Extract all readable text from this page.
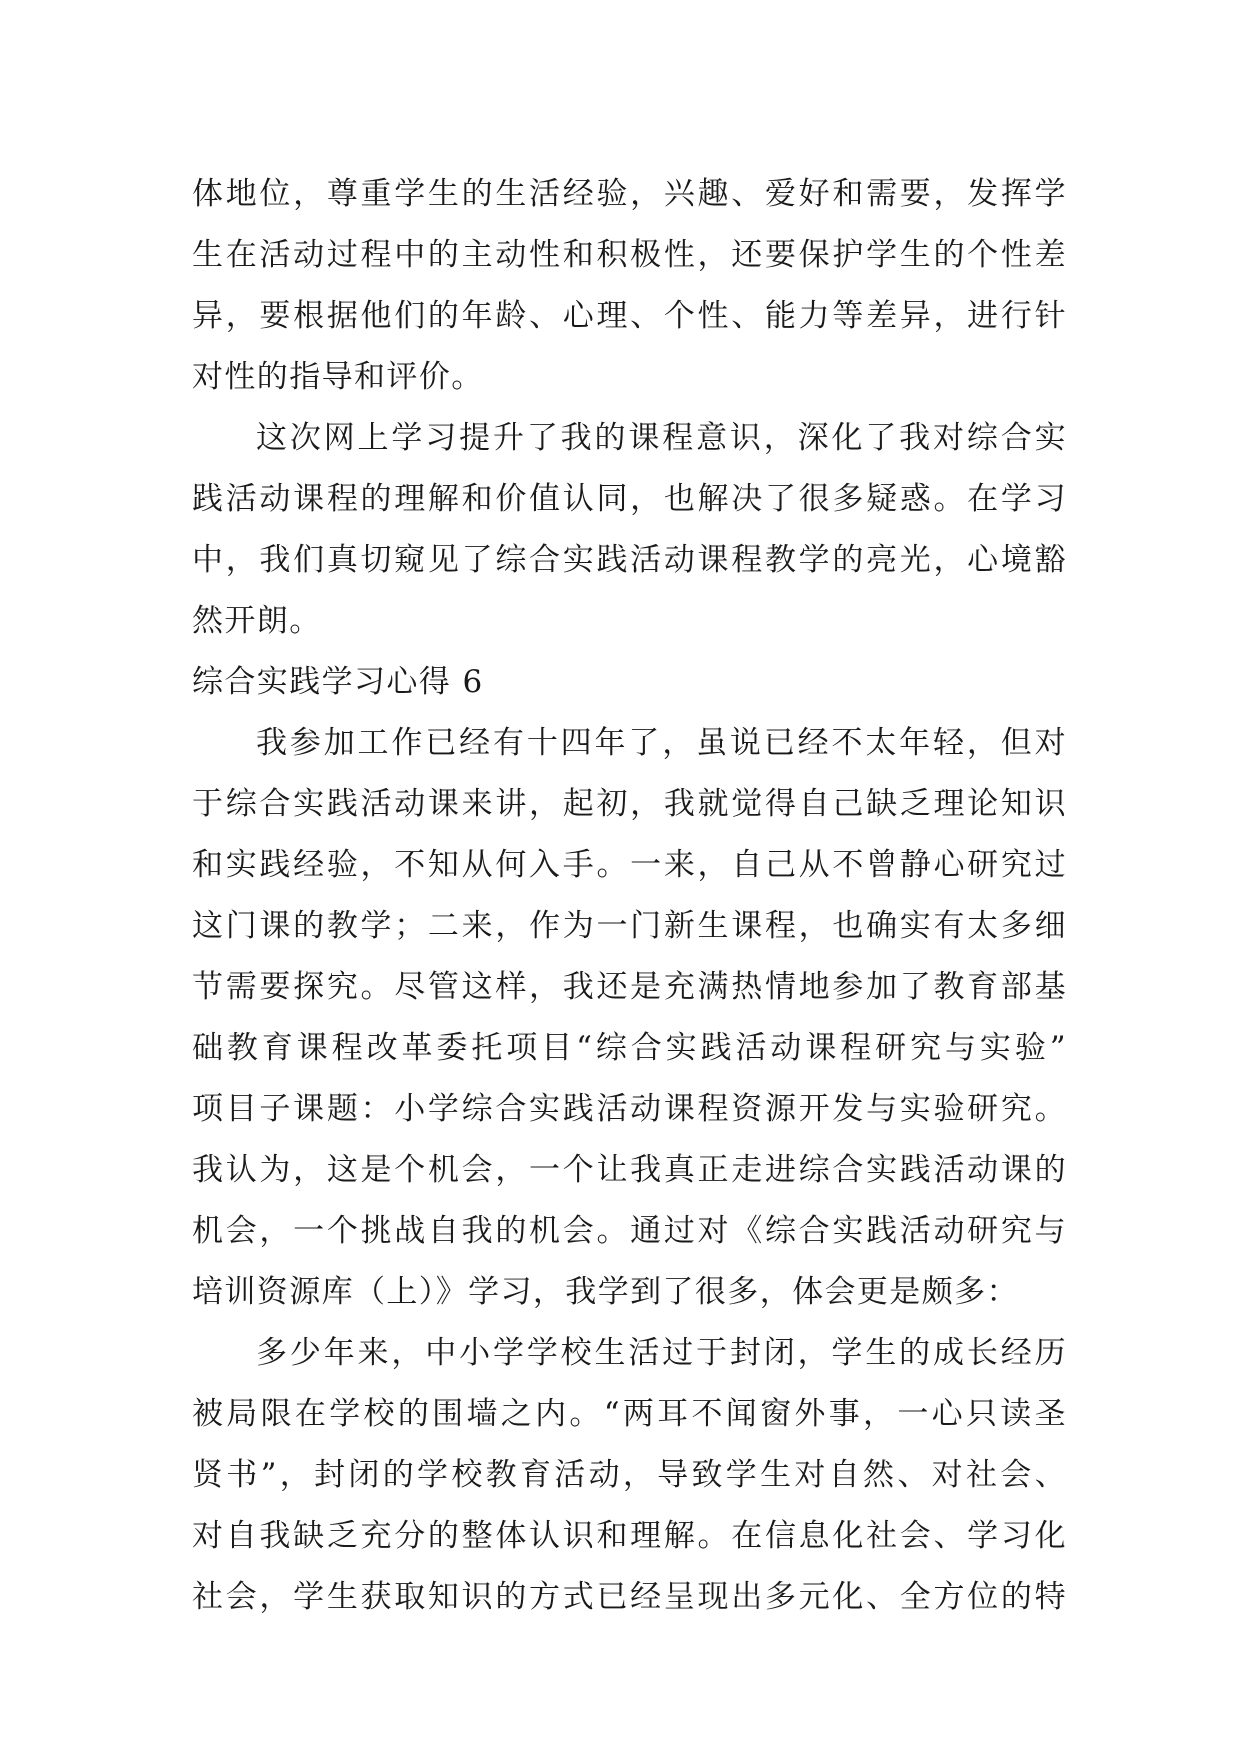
体地位，尊重学生的生活经验，兴趣、爱好和需要，发挥学
生在活动过程中的主动性和积极性，还要保护学生的个性差
异，要根据他们的年龄、心理、个性、能力等差异，进行针
对性的指导和评价。
这次网上学习提升了我的课程意识，深化了我对综合实
践活动课程的理解和价值认同，也解决了很多疑惑。在学习
中，我们真切窥见了综合实践活动课程教学的亮光，心境豁
然开朗。
综合实践学习心得 6
我参加工作已经有十四年了，虽说已经不太年轻，但对
于综合实践活动课来讲，起初，我就觉得自己缺乏理论知识
和实践经验，不知从何入手。一来，自己从不曾静心研究过
这门课的教学；二来，作为一门新生课程，也确实有太多细
节需要探究。尽管这样，我还是充满热情地参加了教育部基
础教育课程改革委托项目“综合实践活动课程研究与实验”
项目子课题：小学综合实践活动课程资源开发与实验研究。
我认为，这是个机会，一个让我真正走进综合实践活动课的
机会，一个挑战自我的机会。通过对《综合实践活动研究与
培训资源库（上）》学习，我学到了很多，体会更是颇多：
多少年来，中小学学校生活过于封闭，学生的成长经历
被局限在学校的围墙之内。“两耳不闻窗外事，一心只读圣
贤书”，封闭的学校教育活动，导致学生对自然、对社会、
对自我缺乏充分的整体认识和理解。在信息化社会、学习化
社会，学生获取知识的方式已经呈现出多元化、全方位的特
